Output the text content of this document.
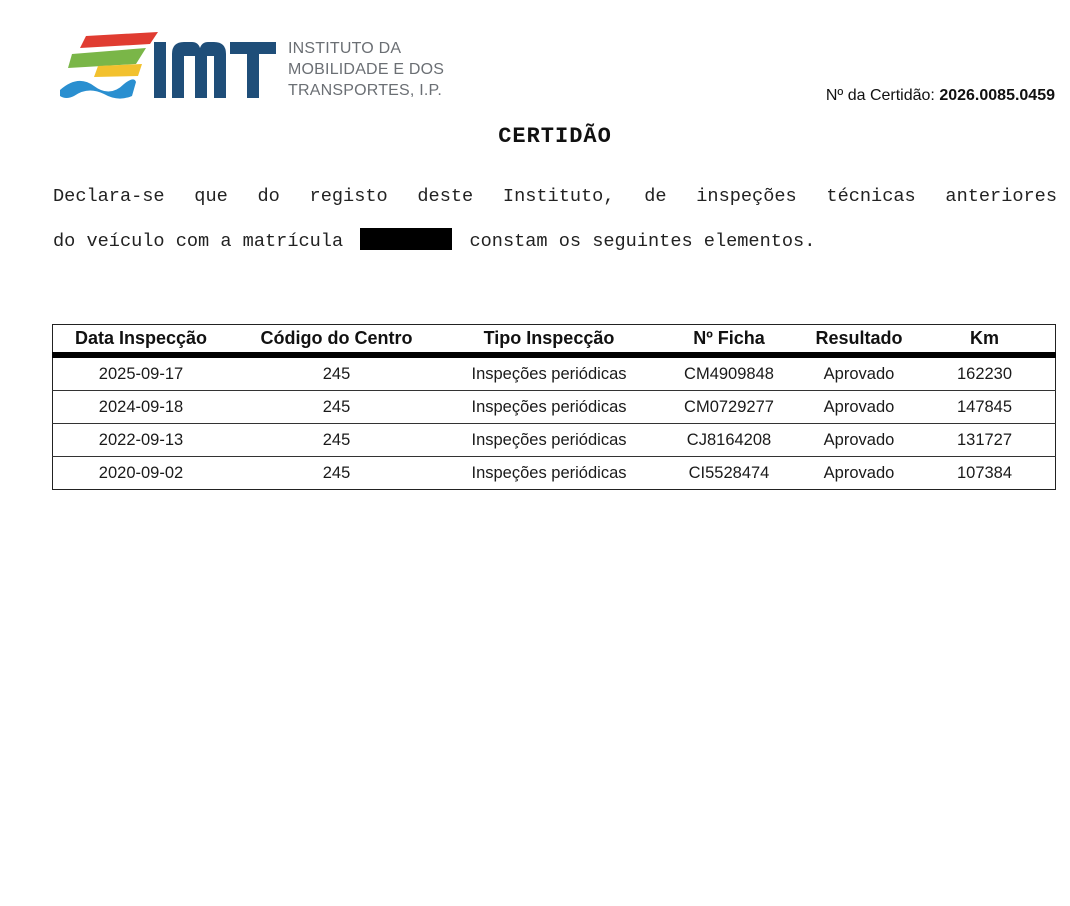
INSTITUTO DA
MOBILIDADE E DOS
TRANSPORTES, I.P.	Nº da Certidão: 2026.0085.0459
CERTIDÃO
Declara-se que do registo deste Instituto, de inspeções técnicas anteriores
do veículo com a matrícula	constam os seguintes elementos.
Data Inspecção	Código do Centro	Tipo Inspecção	Nº Ficha	Resultado	Km
2025-09-17	245	Inspeções periódicas	CM4909848	Aprovado	162230
2024-09-18	245	Inspeções periódicas	CM0729277	Aprovado	147845
2022-09-13	245	Inspeções periódicas	CJ8164208	Aprovado	131727
2020-09-02	245	Inspeções periódicas	CI5528474	Aprovado	107384
